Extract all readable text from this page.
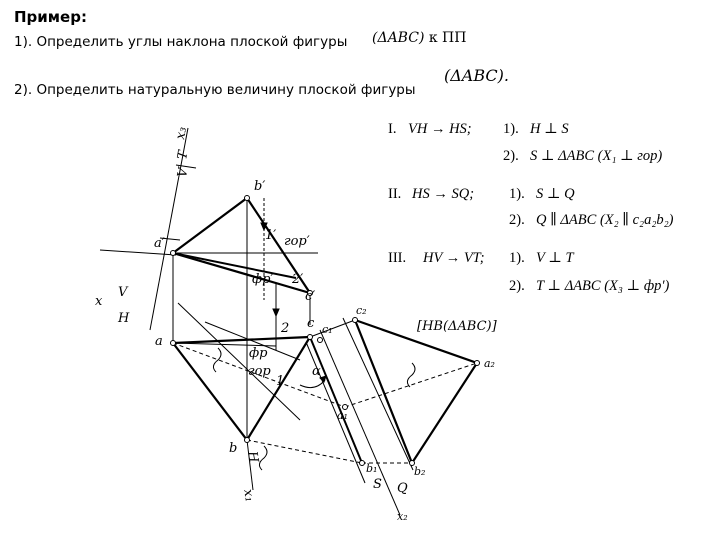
Пример:
1). Определить углы наклона плоской фигуры (ΔABC) к ПП
2). Определить натуральную величину плоской фигуры
(ΔABC).
b′
a′
c′
2′
гор′
фр′
1′
a
b
c
2
1
фр
гор
c₁
a₁
b₁
c₂
a₂
b₂
α
[НВ(ΔABC)]
x
V
H
x₃
T
V
x₁
H
S Q
x₂
I. VH → HS; 1). H ⊥ S
2). S ⊥ ΔABC (X₁ ⊥ гор)
II. HS → SQ; 1). S ⊥ Q
2). Q ∥ ΔABC (X₂ ∥ c₂a₂b₂)
III. HV → VT; 1). V ⊥ T
2). T ⊥ ΔABC (X₃ ⊥ фр′)
